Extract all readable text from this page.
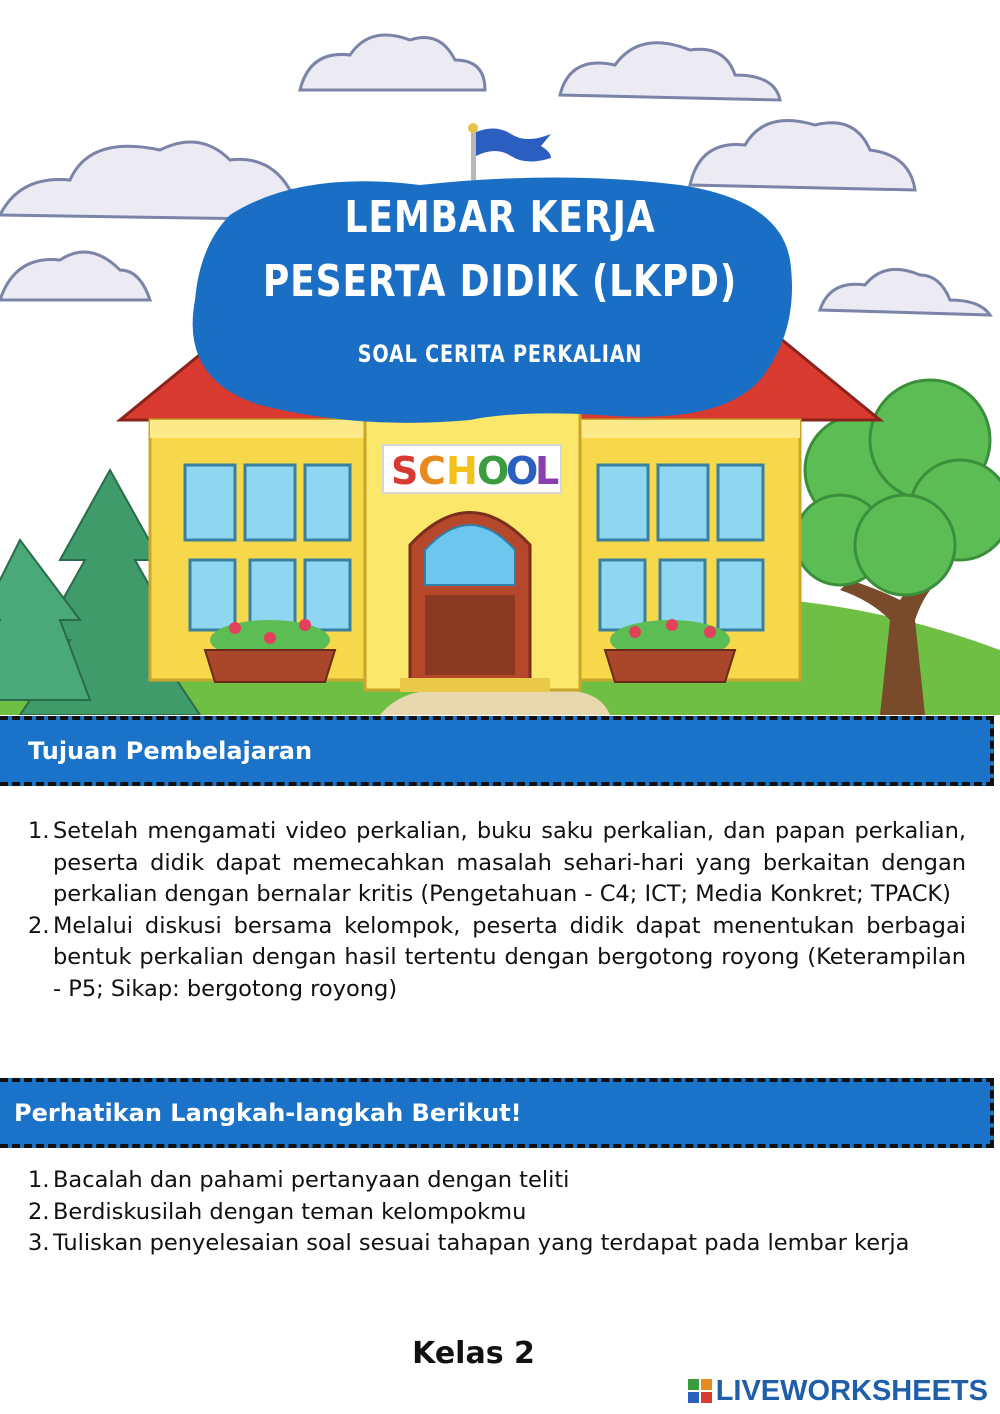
S C H O
O
L
LEMBAR KERJA
PESERTA DIDIK (LKPD)
SOAL CERITA PERKALIAN
Tujuan Pembelajaran
1. Setelah mengamati video perkalian, buku saku perkalian, dan papan perkalian, peserta didik dapat memecahkan masalah sehari-hari yang berkaitan dengan perkalian dengan bernalar kritis (Pengetahuan - C4; ICT; Media Konkret; TPACK)
2. Melalui diskusi bersama kelompok, peserta didik dapat menentukan berbagai bentuk perkalian dengan hasil tertentu dengan bergotong royong (Keterampilan - P5; Sikap: bergotong royong)
Perhatikan Langkah-langkah Berikut!
1. Bacalah dan pahami pertanyaan dengan teliti
2. Berdiskusilah dengan teman kelompokmu
3. Tuliskan penyelesaian soal sesuai tahapan yang terdapat pada lembar kerja
Kelas 2
LIVEWORKSHEETS
